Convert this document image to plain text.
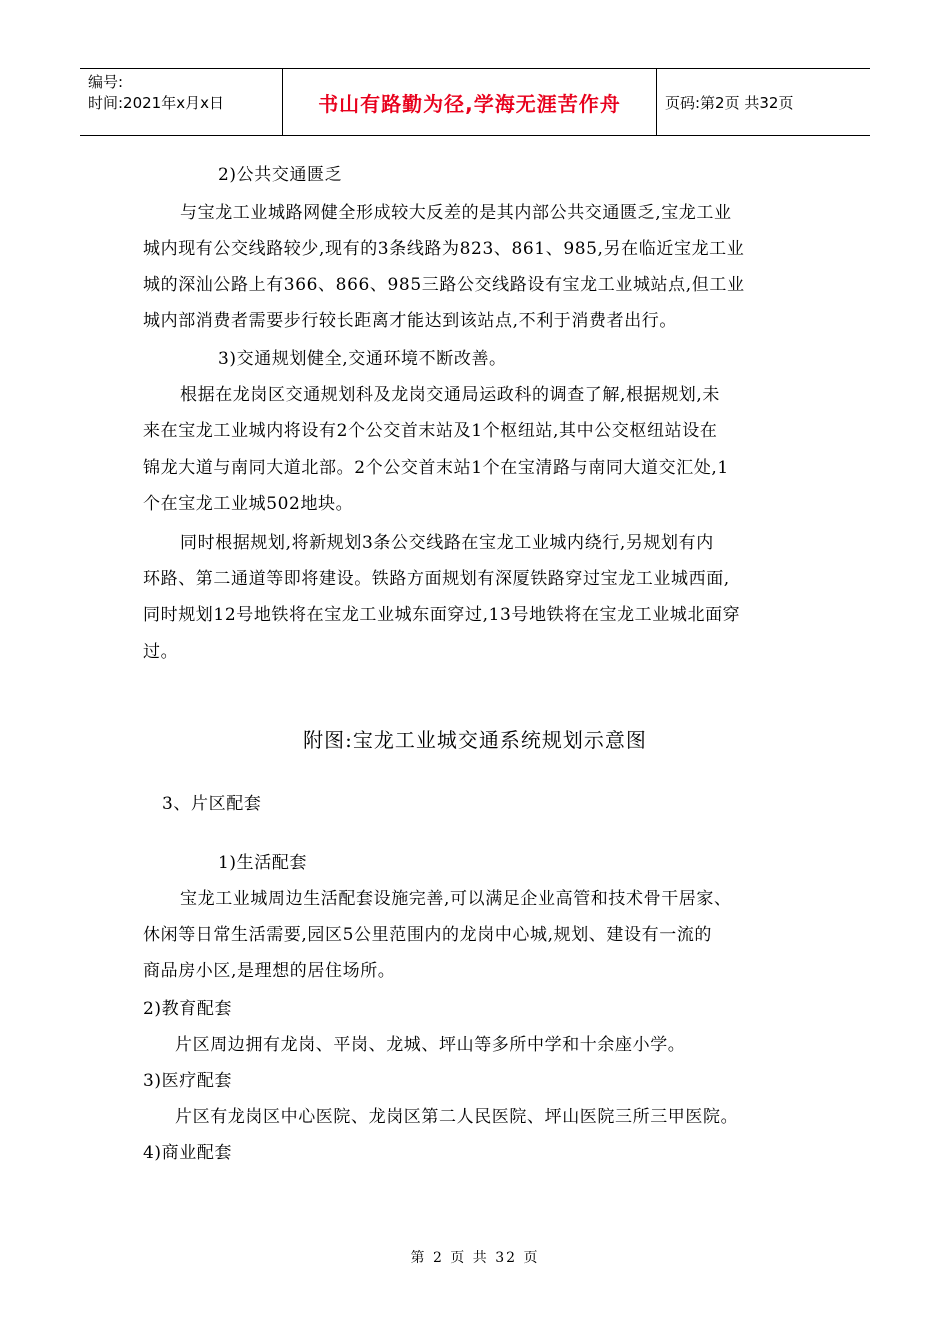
编号:
时间:2021年x月x日	书山有路勤为径,学海无涯苦作舟	页码:第2页 共32页
2)公共交通匮乏
与宝龙工业城路网健全形成较大反差的是其内部公共交通匮乏,宝龙工业
城内现有公交线路较少,现有的3条线路为823、861、985,另在临近宝龙工业
城的深汕公路上有366、866、985三路公交线路设有宝龙工业城站点,但工业
城内部消费者需要步行较长距离才能达到该站点,不利于消费者出行。
3)交通规划健全,交通环境不断改善。
根据在龙岗区交通规划科及龙岗交通局运政科的调查了解,根据规划,未
来在宝龙工业城内将设有2个公交首末站及1个枢纽站,其中公交枢纽站设在
锦龙大道与南同大道北部。2个公交首末站1个在宝清路与南同大道交汇处,1
个在宝龙工业城502地块。
同时根据规划,将新规划3条公交线路在宝龙工业城内绕行,另规划有内
环路、第二通道等即将建设。铁路方面规划有深厦铁路穿过宝龙工业城西面,
同时规划12号地铁将在宝龙工业城东面穿过,13号地铁将在宝龙工业城北面穿
过。
附图:宝龙工业城交通系统规划示意图
3、片区配套
1)生活配套
宝龙工业城周边生活配套设施完善,可以满足企业高管和技术骨干居家、
休闲等日常生活需要,园区5公里范围内的龙岗中心城,规划、建设有一流的
商品房小区,是理想的居住场所。
2)教育配套
片区周边拥有龙岗、平岗、龙城、坪山等多所中学和十余座小学。
3)医疗配套
片区有龙岗区中心医院、龙岗区第二人民医院、坪山医院三所三甲医院。
4)商业配套
第 2 页 共 32 页
